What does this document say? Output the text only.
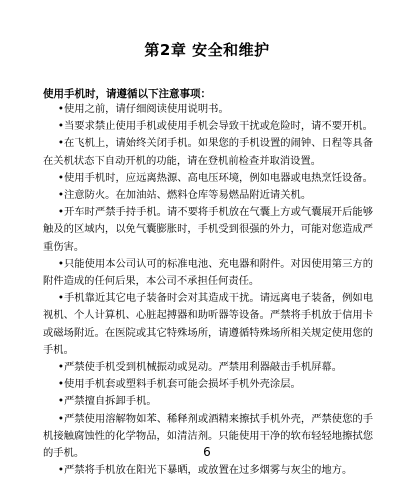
第2章 安全和维护
使用手机时，请遵循以下注意事项：

•使用之前，请仔细阅读使用说明书。

•当要求禁止使用手机或使用手机会导致干扰或危险时，请不要开机。

•在飞机上，请始终关闭手机。如果您的手机设置的闹钟、日程等具备在关机状态下自动开机的功能，请在登机前检查并取消设置。

•使用手机时，应远离热源、高电压环境，例如电器或电热烹饪设备。

•注意防火。在加油站、燃料仓库等易燃品附近请关机。

•开车时严禁手持手机。请不要将手机放在气囊上方或气囊展开后能够触及的区域内，以免气囊膨胀时，手机受到很强的外力，可能对您造成严重伤害。

•只能使用本公司认可的标准电池、充电器和附件。对因使用第三方的附件造成的任何后果，本公司不承担任何责任。

•手机靠近其它电子装备时会对其造成干扰。请远离电子装备，例如电视机、个人计算机、心脏起搏器和助听器等设备。严禁将手机放于信用卡或磁场附近。在医院或其它特殊场所，请遵循特殊场所相关规定使用您的手机。

•严禁使手机受到机械振动或晃动。严禁用利器敲击手机屏幕。

•使用手机套或塑料手机套可能会损坏手机外壳涂层。

•严禁擅自拆卸手机。

•严禁使用溶解物如苯、稀释剂或酒精来擦拭手机外壳，严禁使您的手机接触腐蚀性的化学物品，如清洁剂。只能使用干净的软布轻轻地擦拭您的手机。

•严禁将手机放在阳光下暴晒，或放置在过多烟雾与灰尘的地方。

6
